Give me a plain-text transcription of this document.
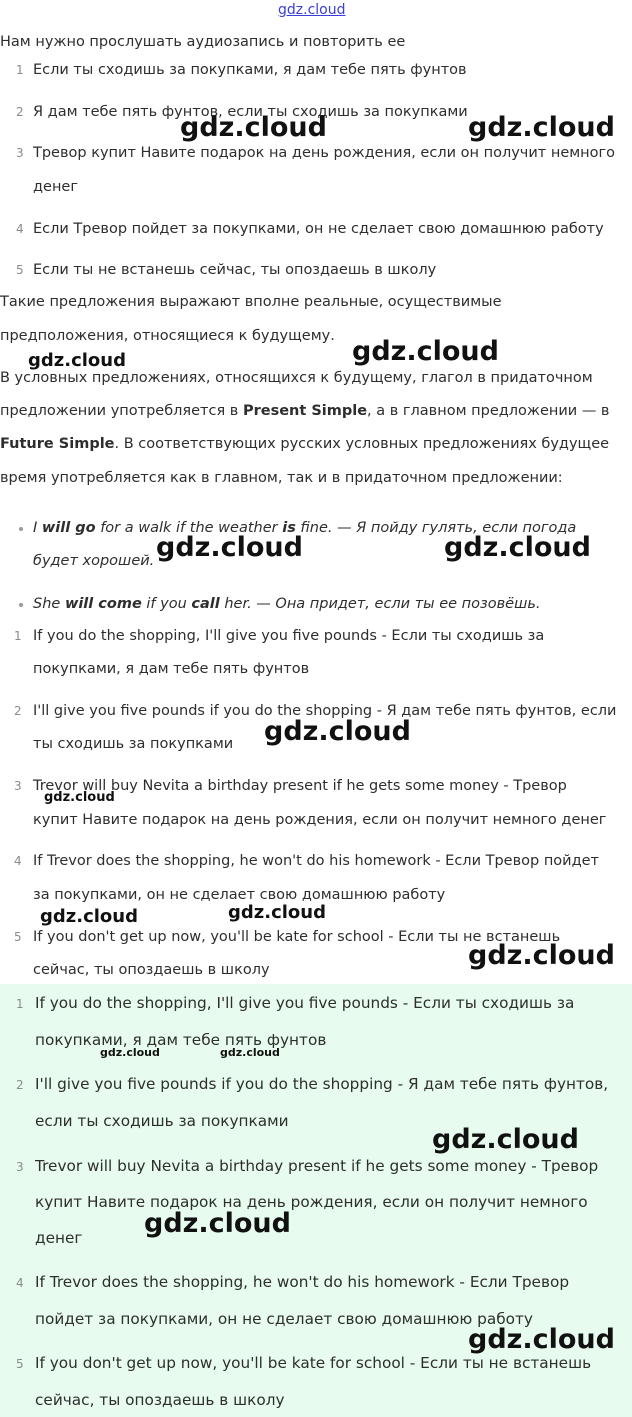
gdz.cloud
Нам нужно прослушать аудиозапись и повторить ее
1 Если ты сходишь за покупками, я дам тебе пять фунтов
2 Я дам тебе пять фунтов, если ты сходишь за покупками
3 Тревор купит Навите подарок на день рождения, если он получит немного
денег
4 Если Тревор пойдет за покупками, он не сделает свою домашнюю работу
5 Если ты не встанешь сейчас, ты опоздаешь в школу
Такие предложения выражают вполне реальные, осуществимые
предположения, относящиеся к будущему.
В условных предложениях, относящихся к будущему, глагол в придаточном
предложении употребляется в Present Simple, а в главном предложении — в
Future Simple. В соответствующих русских условных предложениях будущее
время употребляется как в главном, так и в придаточном предложении:
I will go for a walk if the weather is fine. — Я пойду гулять, если погода
будет хорошей.
She will come if you call her. — Она придет, если ты ее позовёшь.
1 If you do the shopping, I'll give you five pounds - Если ты сходишь за
покупками, я дам тебе пять фунтов
2 I'll give you five pounds if you do the shopping - Я дам тебе пять фунтов, если
ты сходишь за покупками
3 Trevor will buy Nevita a birthday present if he gets some money - Тревор
купит Навите подарок на день рождения, если он получит немного денег
4 If Trevor does the shopping, he won't do his homework - Если Тревор пойдет
за покупками, он не сделает свою домашнюю работу
5 If you don't get up now, you'll be kate for school - Если ты не встанешь
сейчас, ты опоздаешь в школу
1 If you do the shopping, I'll give you five pounds - Если ты сходишь за
покупками, я дам тебе пять фунтов
2 I'll give you five pounds if you do the shopping - Я дам тебе пять фунтов,
если ты сходишь за покупками
3 Trevor will buy Nevita a birthday present if he gets some money - Тревор
купит Навите подарок на день рождения, если он получит немного
денег
4 If Trevor does the shopping, he won't do his homework - Если Тревор
пойдет за покупками, он не сделает свою домашнюю работу
5 If you don't get up now, you'll be kate for school - Если ты не встанешь
сейчас, ты опоздаешь в школу
gdz.cloud	gdz.cloud
gdz.cloud	gdz.cloud
gdz.cloud	gdz.cloud
gdz.cloud
gdz.cloud
gdz.cloud	gdz.cloud
gdz.cloud
gdz.cloud	gdz.cloud
gdz.cloud
gdz.cloud
gdz.cloud
